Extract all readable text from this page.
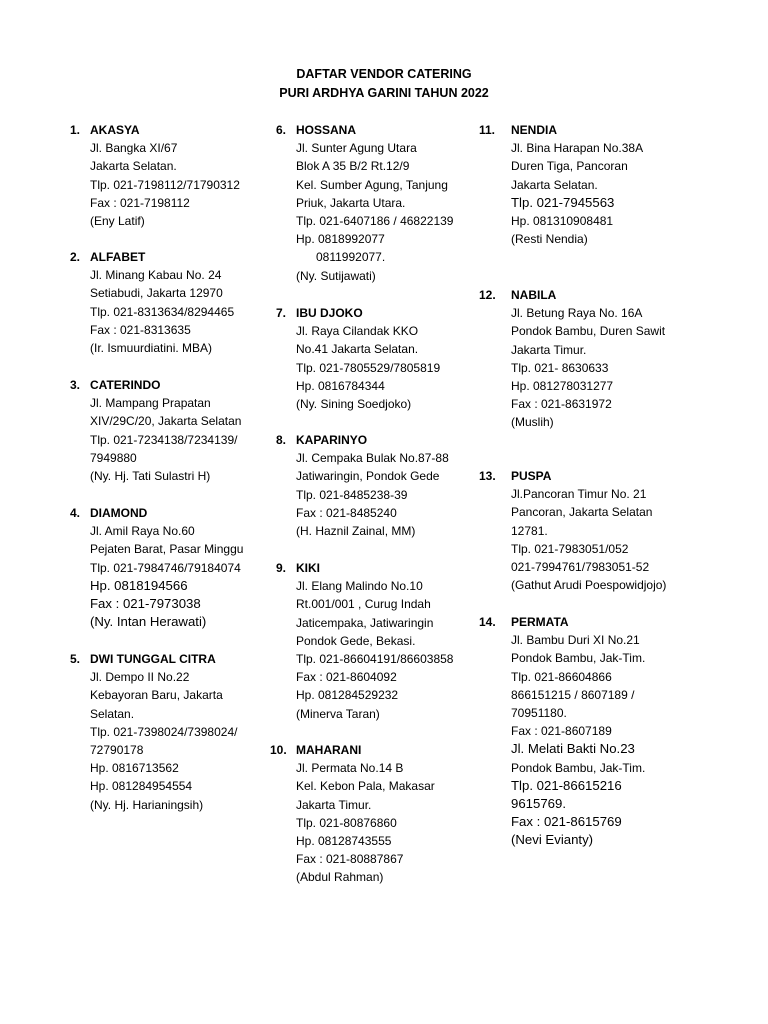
DAFTAR VENDOR CATERING
PURI ARDHYA GARINI TAHUN 2022
1. AKASYA
Jl. Bangka XI/67
Jakarta Selatan.
Tlp. 021-7198112/71790312
Fax : 021-7198112
(Eny Latif)
2. ALFABET
Jl. Minang Kabau No. 24
Setiabudi, Jakarta 12970
Tlp. 021-8313634/8294465
Fax : 021-8313635
(Ir. Ismuurdiatini. MBA)
3. CATERINDO
Jl. Mampang Prapatan
XIV/29C/20, Jakarta Selatan
Tlp. 021-7234138/7234139/
7949880
(Ny. Hj. Tati Sulastri H)
4. DIAMOND
Jl. Amil Raya No.60
Pejaten Barat, Pasar Minggu
Tlp. 021-7984746/79184074
Hp. 0818194566
Fax : 021-7973038
(Ny. Intan Herawati)
5. DWI TUNGGAL CITRA
Jl. Dempo II No.22
Kebayoran Baru, Jakarta
Selatan.
Tlp. 021-7398024/7398024/
72790178
Hp. 0816713562
Hp. 081284954554
(Ny. Hj. Harianingsih)
6. HOSSANA
Jl. Sunter Agung Utara
Blok A 35 B/2 Rt.12/9
Kel. Sumber Agung, Tanjung
Priuk, Jakarta Utara.
Tlp. 021-6407186 / 46822139
Hp. 0818992077
0811992077.
(Ny. Sutijawati)
7. IBU DJOKO
Jl. Raya Cilandak KKO
No.41 Jakarta Selatan.
Tlp. 021-7805529/7805819
Hp. 0816784344
(Ny. Sining Soedjoko)
8. KAPARINYO
Jl. Cempaka Bulak No.87-88
Jatiwaringin, Pondok Gede
Tlp. 021-8485238-39
Fax : 021-8485240
(H. Haznil Zainal, MM)
9. KIKI
Jl. Elang Malindo No.10
Rt.001/001 , Curug Indah
Jaticempaka, Jatiwaringin
Pondok Gede, Bekasi.
Tlp. 021-86604191/86603858
Fax : 021-8604092
Hp. 081284529232
(Minerva Taran)
10. MAHARANI
Jl. Permata No.14 B
Kel. Kebon Pala, Makasar
Jakarta Timur.
Tlp. 021-80876860
Hp. 08128743555
Fax : 021-80887867
(Abdul Rahman)
11. NENDIA
Jl. Bina Harapan No.38A
Duren Tiga, Pancoran
Jakarta Selatan.
Tlp. 021-7945563
Hp. 081310908481
(Resti Nendia)
12. NABILA
Jl. Betung Raya No. 16A
Pondok Bambu, Duren Sawit
Jakarta Timur.
Tlp. 021- 8630633
Hp. 081278031277
Fax : 021-8631972
(Muslih)
13. PUSPA
Jl.Pancoran Timur No. 21
Pancoran, Jakarta Selatan
12781.
Tlp. 021-7983051/052
021-7994761/7983051-52
(Gathut Arudi Poespowidjojo)
14. PERMATA
Jl. Bambu Duri XI No.21
Pondok Bambu, Jak-Tim.
Tlp. 021-86604866
866151215 / 8607189 /
70951180.
Fax : 021-8607189
Jl. Melati Bakti No.23
Pondok Bambu, Jak-Tim.
Tlp. 021-86615216
9615769.
Fax : 021-8615769
(Nevi Evianty)
